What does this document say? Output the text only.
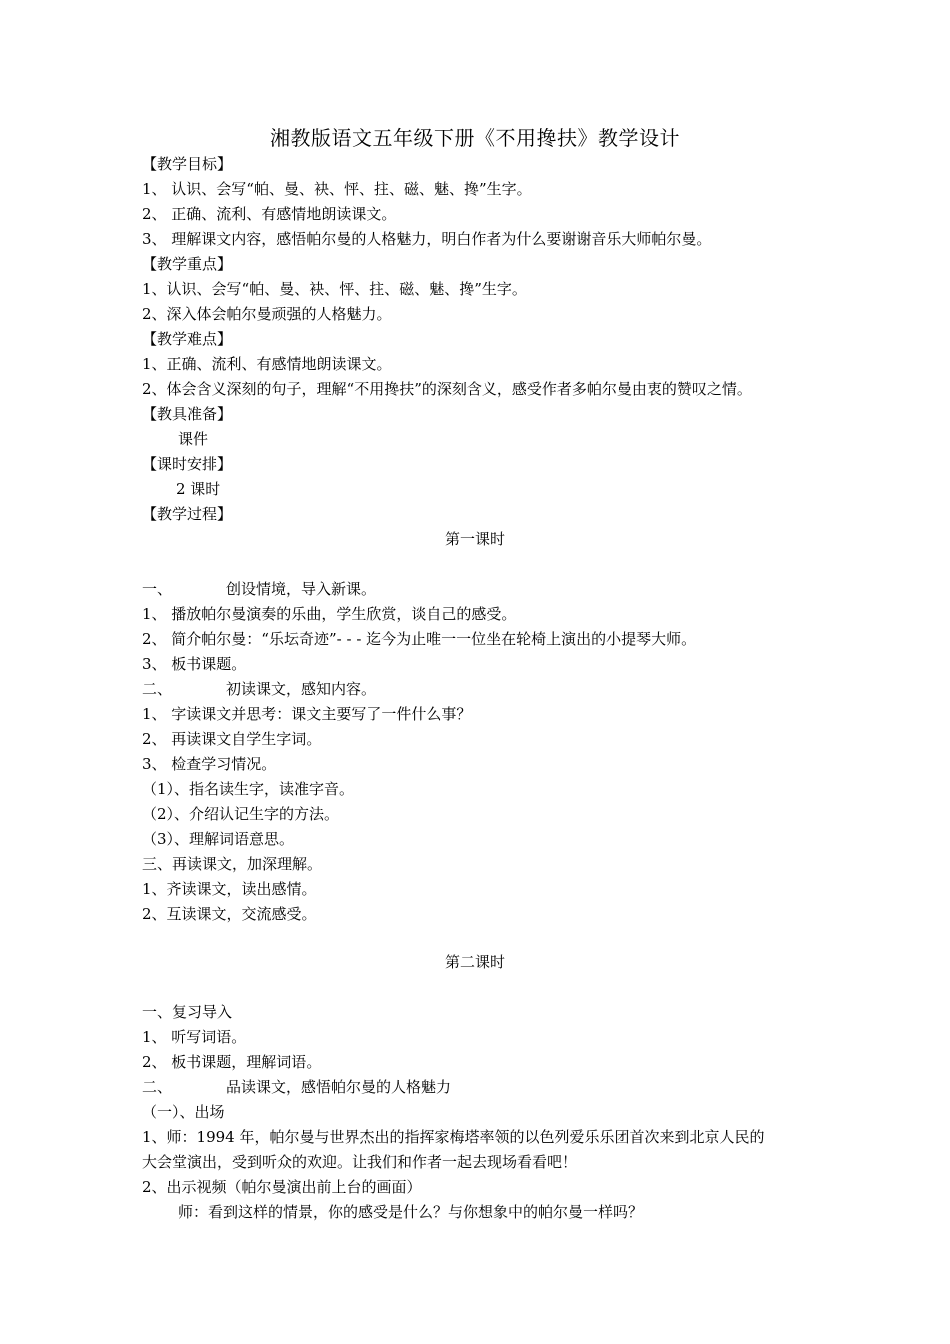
湘教版语文五年级下册《不用搀扶》教学设计
【教学目标】
1、 认识、会写“帕、曼、袂、怦、拄、磁、魅、搀”生字。
2、 正确、流利、有感情地朗读课文。
3、 理解课文内容，感悟帕尔曼的人格魅力，明白作者为什么要谢谢音乐大师帕尔曼。
【教学重点】
1、认识、会写“帕、曼、袂、怦、拄、磁、魅、搀”生字。
2、深入体会帕尔曼顽强的人格魅力。
【教学难点】
1、正确、流利、有感情地朗读课文。
2、体会含义深刻的句子，理解“不用搀扶”的深刻含义，感受作者多帕尔曼由衷的赞叹之情。
【教具准备】
课件
【课时安排】
2 课时
【教学过程】
第一课时
一、	创设情境，导入新课。
1、 播放帕尔曼演奏的乐曲，学生欣赏，谈自己的感受。
2、 简介帕尔曼：“乐坛奇迹”- - - 迄今为止唯一一位坐在轮椅上演出的小提琴大师。
3、 板书课题。
二、	初读课文，感知内容。
1、 字读课文并思考：课文主要写了一件什么事？
2、 再读课文自学生字词。
3、 检查学习情况。
（1）、指名读生字，读准字音。
（2）、介绍认记生字的方法。
（3）、理解词语意思。
三、再读课文，加深理解。
1、齐读课文，读出感情。
2、互读课文，交流感受。
第二课时
一、复习导入
1、 听写词语。
2、 板书课题，理解词语。
二、	品读课文，感悟帕尔曼的人格魅力
（一）、出场
1、师：1994 年，帕尔曼与世界杰出的指挥家梅塔率领的以色列爱乐乐团首次来到北京人民的
大会堂演出，受到听众的欢迎。让我们和作者一起去现场看看吧！
2、出示视频（帕尔曼演出前上台的画面）
师：看到这样的情景，你的感受是什么？与你想象中的帕尔曼一样吗？
